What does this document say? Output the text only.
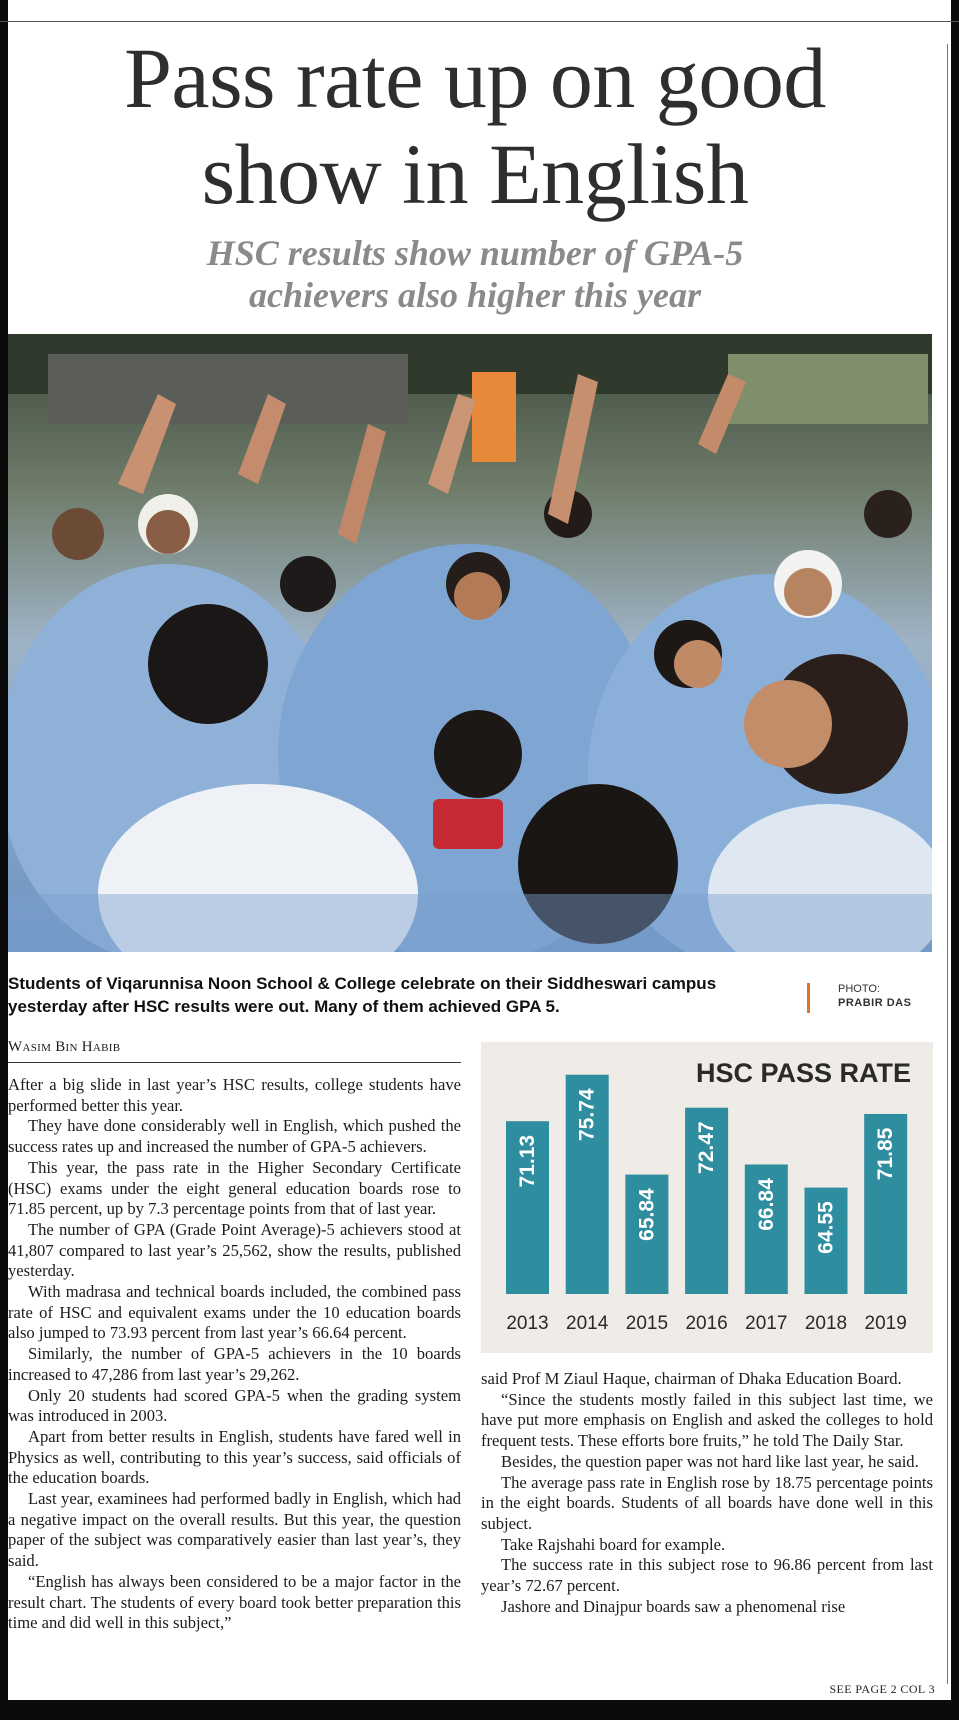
Pass rate up on good
show in English
HSC results show number of GPA-5
achievers also higher this year
Students of Viqarunnisa Noon School & College celebrate on their Siddheswari campus yesterday after HSC results were out. Many of them achieved GPA 5.
PHOTO:
PRABIR DAS
Wasim Bin Habib

After a big slide in last year’s HSC results, college students have performed better this year.

They have done considerably well in English, which pushed the success rates up and increased the number of GPA-5 achievers.

This year, the pass rate in the Higher Secondary Certificate (HSC) exams under the eight general education boards rose to 71.85 percent, up by 7.3 percentage points from that of last year.

The number of GPA (Grade Point Average)-5 achievers stood at 41,807 compared to last year’s 25,562, show the results, published yesterday.

With madrasa and technical boards included, the combined pass rate of HSC and equivalent exams under the 10 education boards also jumped to 73.93 percent from last year’s 66.64 percent.

Similarly, the number of GPA-5 achievers in the 10 boards increased to 47,286 from last year’s 29,262.

Only 20 students had scored GPA-5 when the grading system was introduced in 2003.

Apart from better results in English, students have fared well in Physics as well, contributing to this year’s success, said officials of the education boards.

Last year, examinees had performed badly in English, which had a negative impact on the overall results. But this year, the question paper of the subject was comparatively easier than last year’s, they said.

“English has always been considered to be a major factor in the result chart. The students of every board took better preparation this time and did well in this subject,”

HSC PASS RATE
71.13
2013
75.74
2014
65.84
2015
72.47
2016
66.84
2017
64.55
2018
71.85
2019

said Prof M Ziaul Haque, chairman of Dhaka Education Board.

“Since the students mostly failed in this subject last time, we have put more emphasis on English and asked the colleges to hold frequent tests. These efforts bore fruits,” he told The Daily Star.

Besides, the question paper was not hard like last year, he said.

The average pass rate in English rose by 18.75 percentage points in the eight boards. Students of all boards have done well in this subject.

Take Rajshahi board for example.

The success rate in this subject rose to 96.86 percent from last year’s 72.67 percent.

Jashore and Dinajpur boards saw a phenomenal rise

SEE PAGE 2 COL 3
